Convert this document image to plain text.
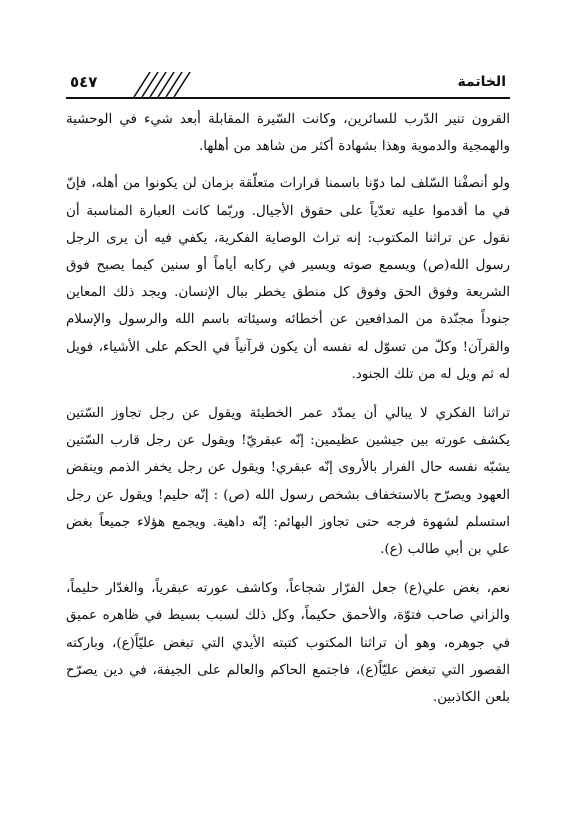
الخاتمة
٥٤٧

القرون تنير الدّرب للسائرين، وكانت السّيرة المقابلة أبعد شيء في الوحشية والهمجية والدموية وهذا بشهادة أكثر من شاهد من أهلها.

ولو أنصفْنا السّلف لما دوّنا باسمنا قرارات متعلّقة بزمان لن يكونوا من أهله، فإنّ في ما أقدموا عليه تعدّياً على حقوق الأجيال. وربّما كانت العبارة المناسبة أن نقول عن تراثنا المكتوب: إنه تراث الوصاية الفكرية، يكفي فيه أن يرى الرجل رسول الله(ص) ويسمع صوته ويسير في ركابه أياماً أو سنين كيما يصبح فوق الشريعة وفوق الحق وفوق كل منطق يخطر ببال الإنسان. ويجد ذلك المعاين جنوداً مجنّدة من المدافعين عن أخطائه وسيئاته باسم الله والرسول والإسلام والقرآن! وكلّ من تسوّل له نفسه أن يكون قرآنياً في الحكم على الأشياء، فويل له ثم ويل له من تلك الجنود.

تراثنا الفكري لا يبالي أن يمدّد عمر الخطيئة ويقول عن رجل تجاوز السّتين يكشف عورته بين جيشين عظيمين: إنّه عبقريّ! ويقول عن رجل قارب السّتين يشبّه نفسه حال الفرار بالأروى إنّه عبقري! ويقول عن رجل يخفر الذمم وينقض العهود ويصرّح بالاستخفاف بشخص رسول الله (ص) : إنّه حليم! ويقول عن رجل استسلم لشهوة فرجه حتى تجاوز البهائم: إنّه داهية. ويجمع هؤلاء جميعاً بغض علي بن أبي طالب (ع).

نعم، بغض علي(ع) جعل الفرّار شجاعاً، وكاشف عورته عبقرياً، والغدّار حليماً، والزاني صاحب فتوّة، والأحمق حكيماً، وكل ذلك لسبب بسيط في ظاهره عميق في جوهره، وهو أن تراثنا المكتوب كتبته الأيدي التي تبغض عليّاً(ع)، وباركته القصور التي تبغض عليّاً(ع)، فاجتمع الحاكم والعالم على الجيفة، في دين يصرّح بلعن الكاذبين.
